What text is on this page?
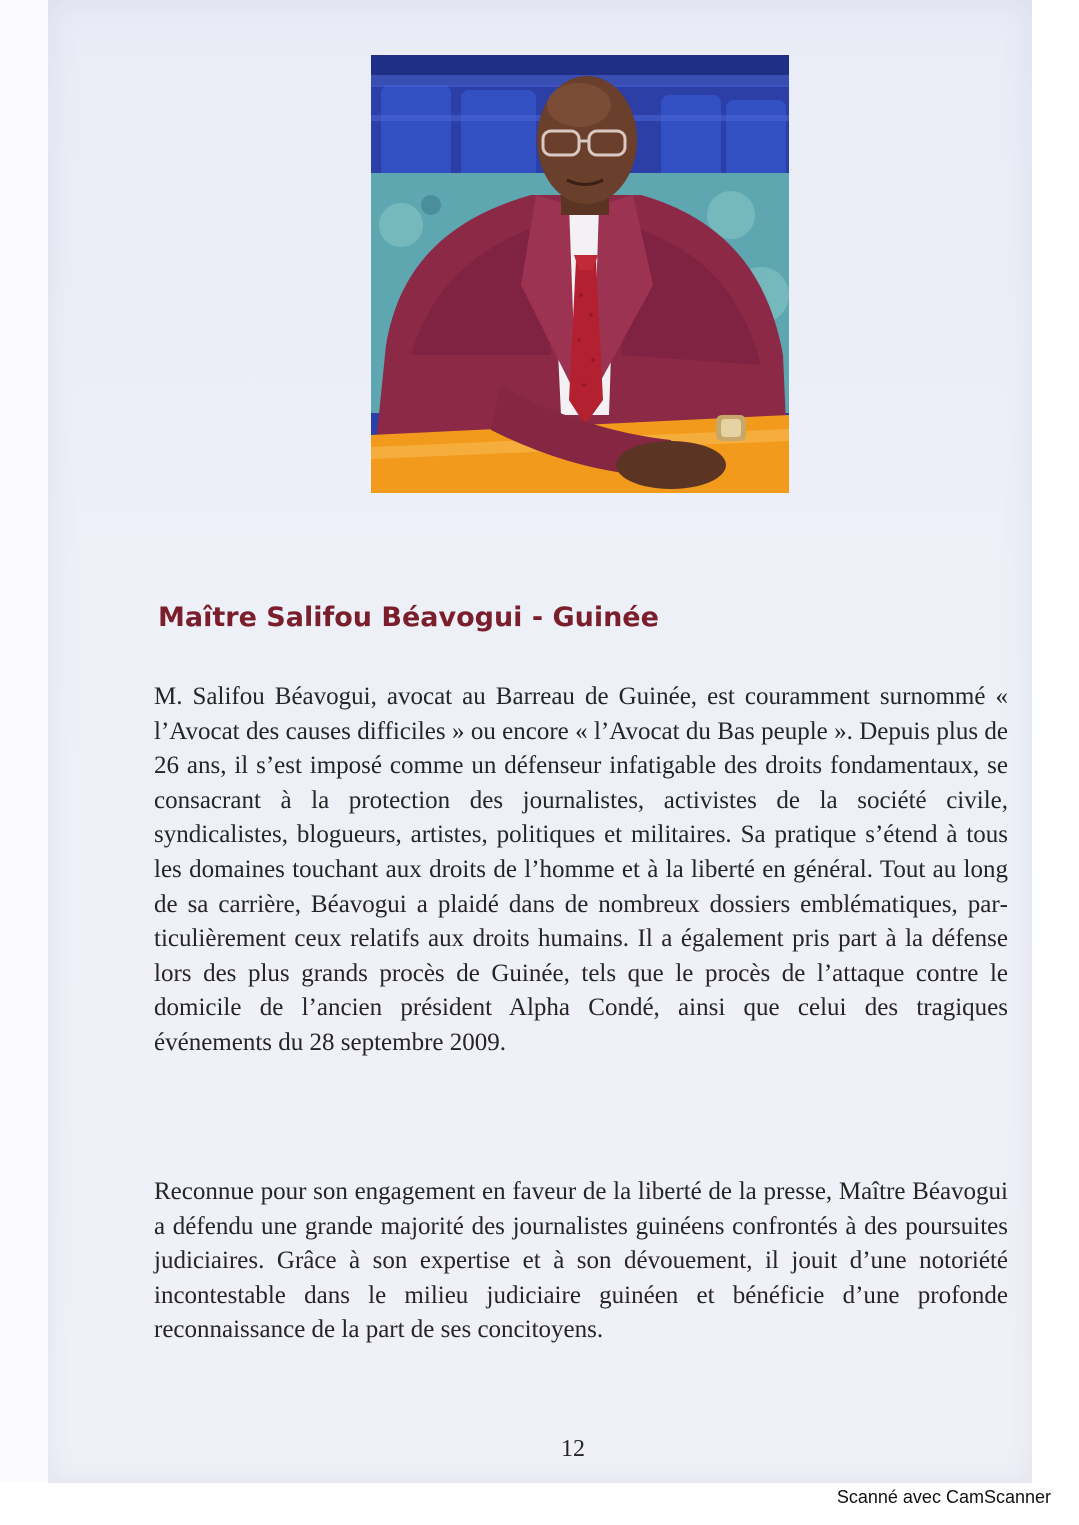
Maître Salifou Béavogui - Guinée

M. Salifou Béavogui, avocat au Barreau de Guinée, est couramment surnommé « l’Avocat des causes difficiles » ou encore « l’Avocat du Bas peuple ». Depuis plus de 26 ans, il s’est imposé comme un défenseur infatigable des droits fondamentaux, se consacrant à la protection des journalistes, activistes de la société civile, syndicalistes, blogueurs, artistes, politiques et militaires. Sa pratique s’étend à tous les domaines touchant aux droits de l’homme et à la liberté en général. Tout au long de sa carrière, Béavogui a plaidé dans de nombreux dossiers emblématiques, particulièrement ceux relatifs aux droits humains. Il a également pris part à la défense lors des plus grands procès de Guinée, tels que le procès de l’attaque contre le domicile de l’ancien président Alpha Condé, ainsi que celui des tragiques événements du 28 septembre 2009.

Reconnue pour son engagement en faveur de la liberté de la presse, Maître Béavogui a défendu une grande majorité des journalistes guinéens confrontés à des poursuites judiciaires. Grâce à son expertise et à son dévouement, il jouit d’une notoriété incontestable dans le milieu judiciaire guinéen et bénéficie d’une profonde reconnaissance de la part de ses concitoyens.

12
Scanné avec CamScanner
